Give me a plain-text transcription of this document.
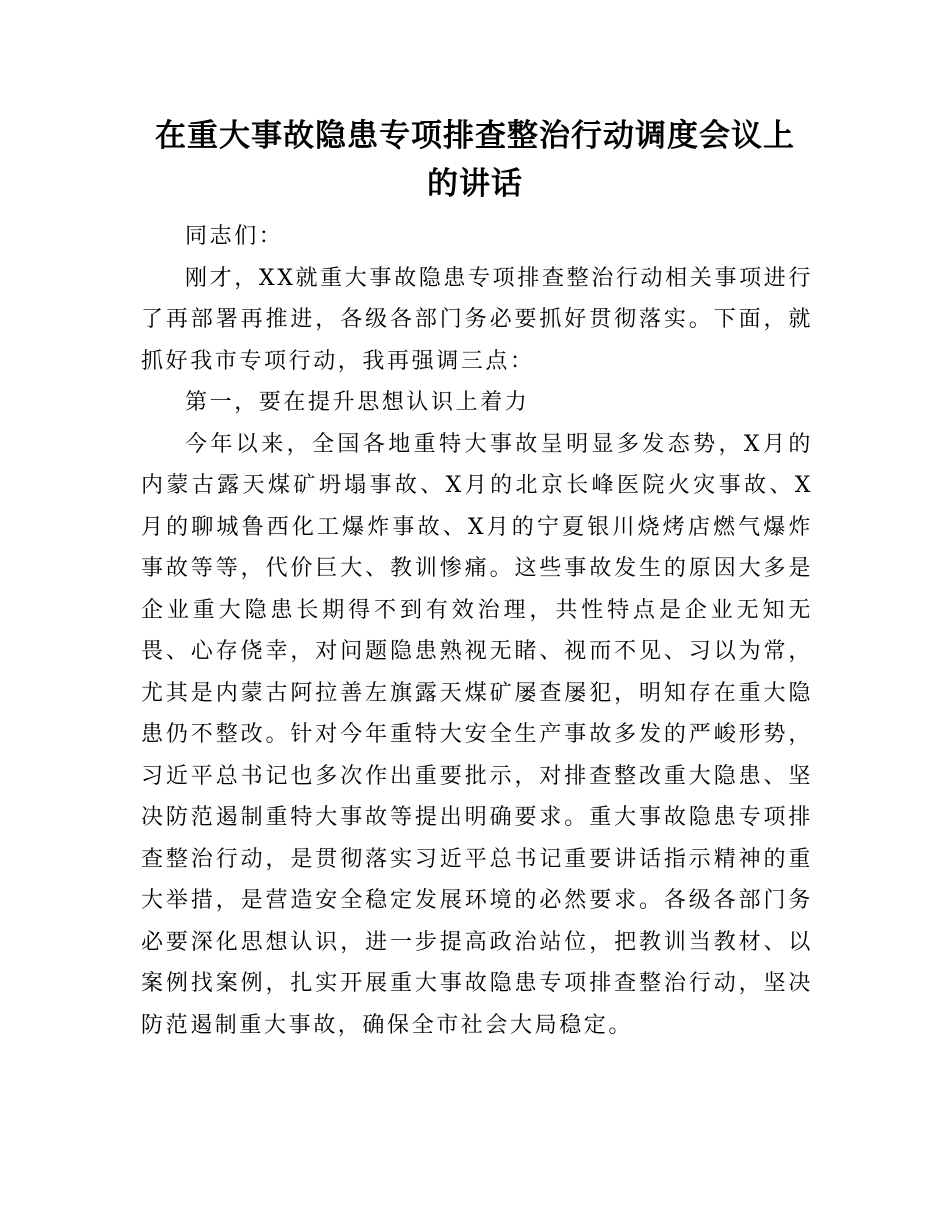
在重大事故隐患专项排查整治行动调度会议上的讲话

同志们：

刚才，XX就重大事故隐患专项排查整治行动相关事项进行了再部署再推进，各级各部门务必要抓好贯彻落实。下面，就抓好我市专项行动，我再强调三点：

第一，要在提升思想认识上着力

今年以来，全国各地重特大事故呈明显多发态势，X月的内蒙古露天煤矿坍塌事故、X月的北京长峰医院火灾事故、X月的聊城鲁西化工爆炸事故、X月的宁夏银川烧烤店燃气爆炸事故等等，代价巨大、教训惨痛。这些事故发生的原因大多是企业重大隐患长期得不到有效治理，共性特点是企业无知无畏、心存侥幸，对问题隐患熟视无睹、视而不见、习以为常，尤其是内蒙古阿拉善左旗露天煤矿屡查屡犯，明知存在重大隐患仍不整改。针对今年重特大安全生产事故多发的严峻形势，习近平总书记也多次作出重要批示，对排查整改重大隐患、坚决防范遏制重特大事故等提出明确要求。重大事故隐患专项排查整治行动，是贯彻落实习近平总书记重要讲话指示精神的重大举措，是营造安全稳定发展环境的必然要求。各级各部门务必要深化思想认识，进一步提高政治站位，把教训当教材、以案例找案例，扎实开展重大事故隐患专项排查整治行动，坚决防范遏制重大事故，确保全市社会大局稳定。
